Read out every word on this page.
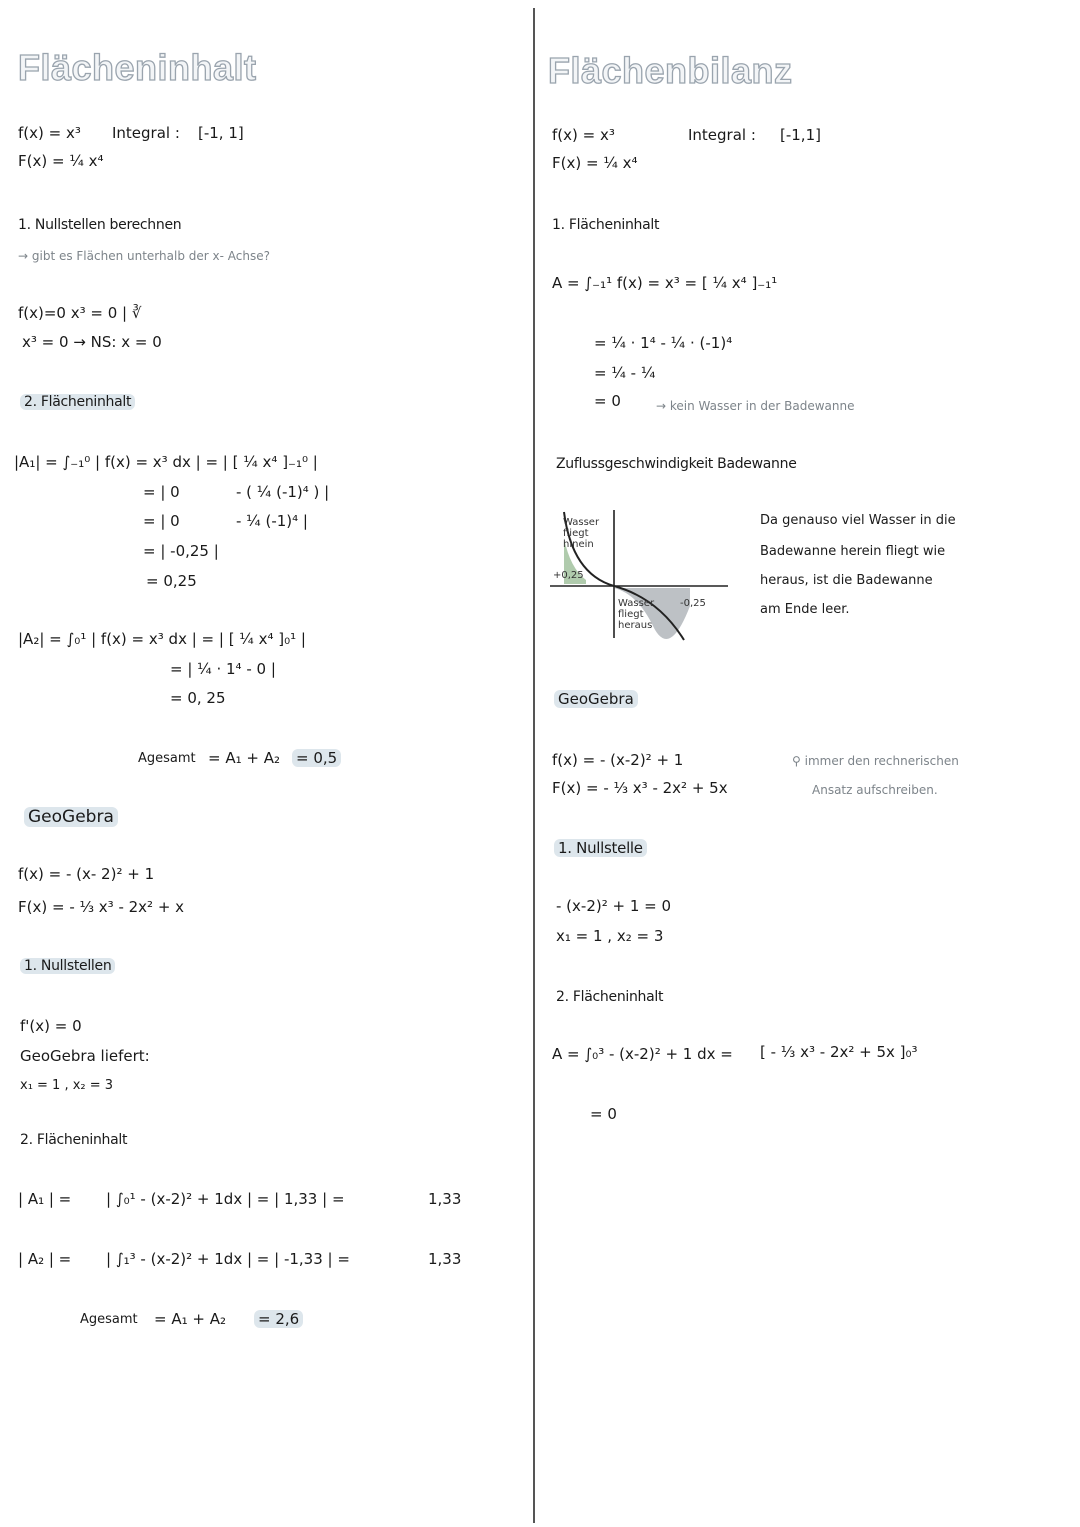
Flächeninhalt
f(x) = x³ Integral : [-1, 1]
F(x) = ¼ x⁴
1. Nullstellen berechnen
→ gibt es Flächen unterhalb der x- Achse?
f(x)=0 x³ = 0 | ∛
x³ = 0 → NS: x = 0
2. Flächeninhalt
|A₁| = ∫₋₁⁰ | f(x) = x³ dx | = | [ ¼ x⁴ ]₋₁⁰ |
= | 0	- ( ¼ (-1)⁴ ) |
= | 0	- ¼ (-1)⁴ |
= | -0,25 |
= 0,25
|A₂| = ∫₀¹ | f(x) = x³ dx | = | [ ¼ x⁴ ]₀¹ |
= | ¼ · 1⁴ - 0 |
= 0, 25
Agesamt = A₁ + A₂ = 0,5
GeoGebra
f(x) = - (x- 2)² + 1
F(x) = - ⅓ x³ - 2x² + x
1. Nullstellen
f'(x) = 0
GeoGebra liefert:
x₁ = 1 , x₂ = 3
2. Flächeninhalt
| A₁ | = | ∫₀¹ - (x-2)² + 1dx | = | 1,33 | =	1,33
| A₂ | = | ∫₁³ - (x-2)² + 1dx | = | -1,33 | =	1,33
Agesamt = A₁ + A₂ = 2,6
Flächenbilanz
f(x) = x³
F(x) = ¼ x⁴
Integral : [-1,1]
1. Flächeninhalt
A = ∫₋₁¹ f(x) = x³ = [ ¼ x⁴ ]₋₁¹
= ¼ · 1⁴ - ¼ · (-1)⁴
= ¼ - ¼
= 0	→ kein Wasser in der Badewanne
Zuflussgeschwindigkeit Badewanne
Wasser fliegt hinein
Wasser fliegt heraus
+0,25
-0,25
Da genauso viel Wasser in die
Badewanne herein fliegt wie
heraus, ist die Badewanne
am Ende leer.
GeoGebra
f(x) = - (x-2)² + 1
F(x) = - ⅓ x³ - 2x² + 5x
⚲ immer den rechnerischen
Ansatz aufschreiben.
1. Nullstelle
- (x-2)² + 1 = 0
x₁ = 1 , x₂ = 3
2. Flächeninhalt
A = ∫₀³ - (x-2)² + 1 dx = [ - ⅓ x³ - 2x² + 5x ]₀³
= 0
